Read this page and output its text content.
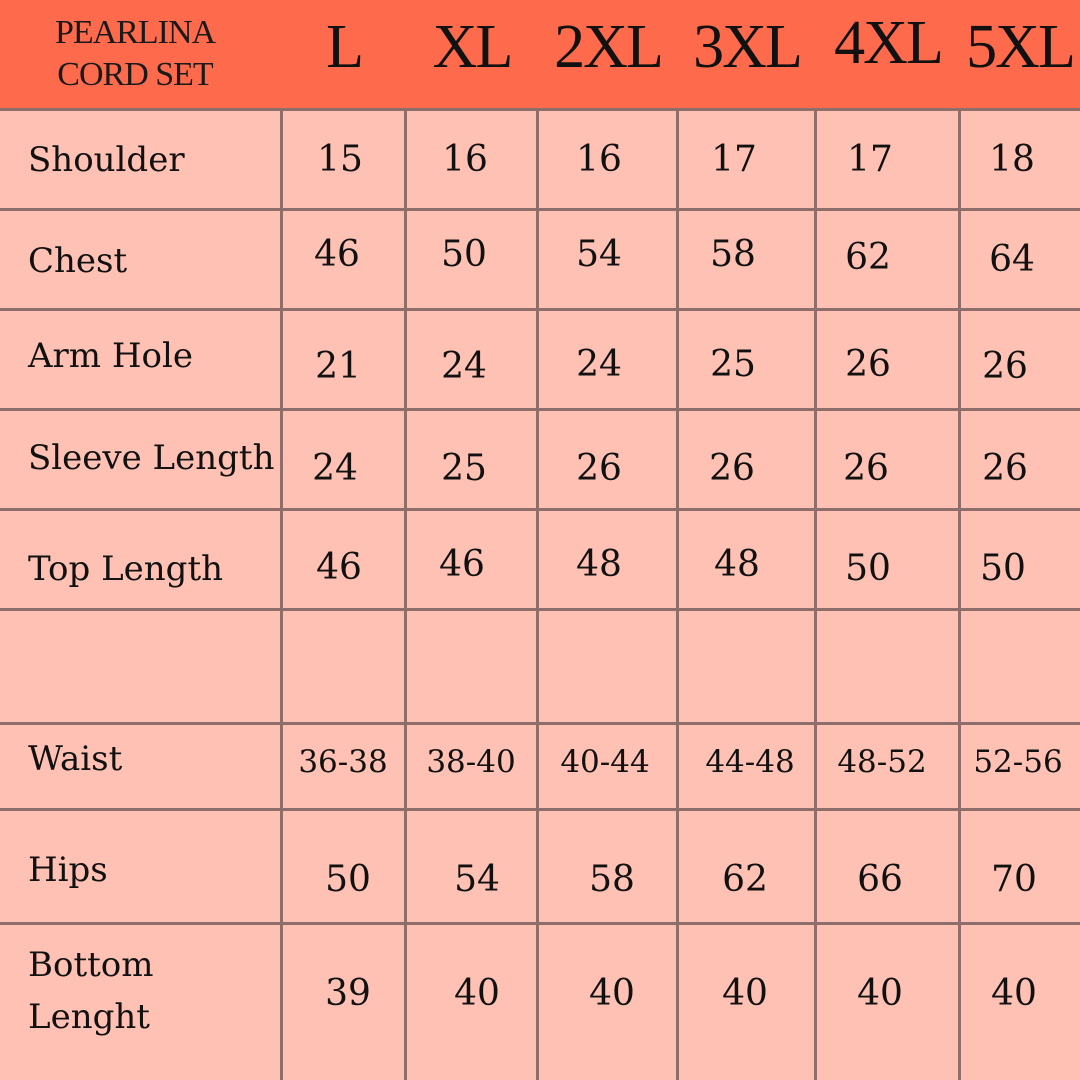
PEARLINA
CORD SET	L	XL 2XL 3XL 4XL 5XL
Shoulder	15	16	16	17	17	18
Chest	46	50	54	58	62	64
Arm Hole	21	24	24	25	26	26
Sleeve Length	24	25	26	26	26	26
Top Length	46	46	48	48	50	50
Waist	36-38	38-40	40-44	44-48	48-52	52-56
Hips	50	54	58	62	66	70
Bottom
Lenght
39	40	40	40	40	40
